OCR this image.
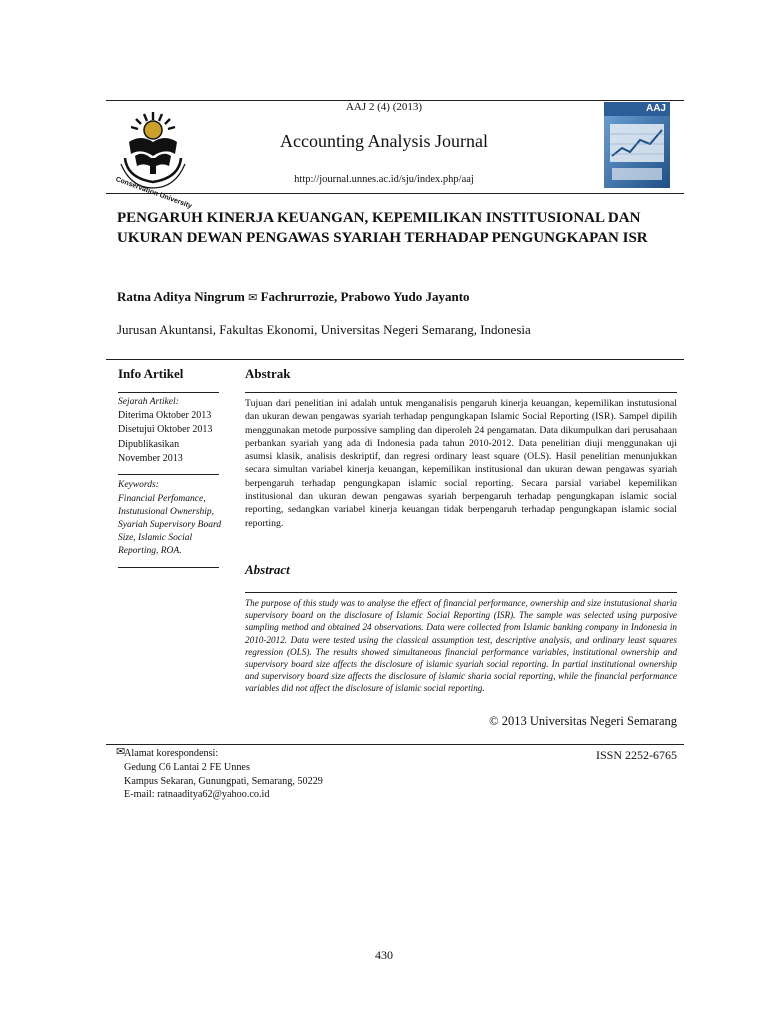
AAJ 2 (4) (2013)
Accounting Analysis Journal
http://journal.unnes.ac.id/sju/index.php/aaj
Conservation University
AAJ
PENGARUH KINERJA KEUANGAN, KEPEMILIKAN INSTITUSIONAL DAN UKURAN DEWAN PENGAWAS SYARIAH TERHADAP PENGUNGKAPAN ISR
Ratna Aditya Ningrum ✉ Fachrurrozie, Prabowo Yudo Jayanto
Jurusan Akuntansi, Fakultas Ekonomi, Universitas Negeri Semarang, Indonesia
Info Artikel
Sejarah Artikel:
Diterima Oktober 2013
Disetujui Oktober 2013
Dipublikasikan
November 2013
Keywords:
Financial Perfomance, Instutusional Ownership, Syariah Supervisory Board Size, Islamic Social Reporting, ROA.
Abstrak
Tujuan dari penelitian ini adalah untuk menganalisis pengaruh kinerja keuangan, kepemilikan instutusional dan ukuran dewan pengawas syariah terhadap pengungkapan Islamic Social Reporting (ISR). Sampel dipilih menggunakan metode purpossive sampling dan diperoleh 24 pengamatan. Data dikumpulkan dari perusahaan perbankan syariah yang ada di Indonesia pada tahun 2010-2012. Data penelitian diuji menggunakan uji asumsi klasik, analisis deskriptif, dan regresi ordinary least square (OLS). Hasil penelitian menunjukkan secara simultan variabel kinerja keuangan, kepemilikan institusional dan ukuran dewan pengawas syariah berpengaruh terhadap pengungkapan islamic social reporting. Secara parsial variabel kepemilikan institusional dan ukuran dewan pengawas syariah berpengaruh terhadap pengungkapan islamic social reporting, sedangkan variabel kinerja keuangan tidak berpengaruh terhadap pengungkapan islamic social reporting.
Abstract
The purpose of this study was to analyse the effect of financial performance, ownership and size instutusional sharia supervisory board on the disclosure of Islamic Social Reporting (ISR). The sample was selected using purposive sampling method and obtained 24 observations. Data were collected from Islamic banking company in Indonesia in 2010-2012. Data were tested using the classical assumption test, descriptive analysis, and ordinary least squares regression (OLS). The results showed simultaneous financial performance variables, institutional ownership and supervisory board size affects the disclosure of islamic syariah social reporting. In partial institutional ownership and supervisory board size affects the disclosure of islamic sharia social reporting, while the financial performance variables did not affect the disclosure of islamic social reporting.
© 2013 Universitas Negeri Semarang
✉
Alamat korespondensi:
Gedung C6 Lantai 2 FE Unnes
Kampus Sekaran, Gunungpati, Semarang, 50229
E-mail: ratnaaditya62@yahoo.co.id
ISSN 2252-6765
430
